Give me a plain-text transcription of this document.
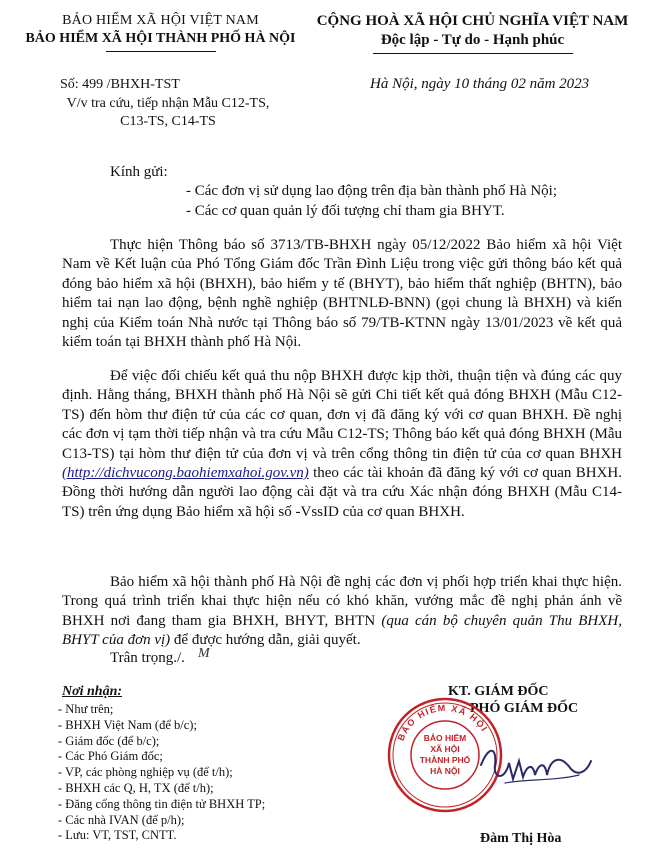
BẢO HIỂM XÃ HỘI VIỆT NAM
BẢO HIỂM XÃ HỘI THÀNH PHỐ HÀ NỘI
CỘNG HOÀ XÃ HỘI CHỦ NGHĨA VIỆT NAM
Độc lập - Tự do - Hạnh phúc
Số: 499 /BHXH-TST
V/v tra cứu, tiếp nhận Mẫu C12-TS,
C13-TS, C14-TS
Hà Nội, ngày 10 tháng 02 năm 2023
Kính gửi:
- Các đơn vị sử dụng lao động trên địa bàn thành phố Hà Nội;
- Các cơ quan quản lý đối tượng chỉ tham gia BHYT.

Thực hiện Thông báo số 3713/TB-BHXH ngày 05/12/2022 Bảo hiểm xã hội Việt Nam về Kết luận của Phó Tổng Giám đốc Trần Đình Liệu trong việc gửi thông báo kết quả đóng bảo hiểm xã hội (BHXH), bảo hiểm y tế (BHYT), bảo hiểm thất nghiệp (BHTN), bảo hiểm tai nạn lao động, bệnh nghề nghiệp (BHTNLĐ-BNN) (gọi chung là BHXH) và kiến nghị của Kiểm toán Nhà nước tại Thông báo số 79/TB-KTNN ngày 13/01/2023 về kết quả kiểm toán tại BHXH thành phố Hà Nội.

Để việc đối chiếu kết quả thu nộp BHXH được kịp thời, thuận tiện và đúng các quy định. Hằng tháng, BHXH thành phố Hà Nội sẽ gửi Chi tiết kết quả đóng BHXH (Mẫu C12-TS) đến hòm thư điện tử của các cơ quan, đơn vị đã đăng ký với cơ quan BHXH. Đề nghị các đơn vị tạm thời tiếp nhận và tra cứu Mẫu C12-TS; Thông báo kết quả đóng BHXH (Mẫu C13-TS) tại hòm thư điện tử của đơn vị và trên cổng thông tin điện tử của cơ quan BHXH (http://dichvucong.baohiemxahoi.gov.vn) theo các tài khoản đã đăng ký với cơ quan BHXH. Đồng thời hướng dẫn người lao động cài đặt và tra cứu Xác nhận đóng BHXH (Mẫu C14-TS) trên ứng dụng Bảo hiểm xã hội số -VssID của cơ quan BHXH.

Bảo hiểm xã hội thành phố Hà Nội đề nghị các đơn vị phối hợp triển khai thực hiện. Trong quá trình triển khai thực hiện nếu có khó khăn, vướng mắc đề nghị phản ánh về BHXH nơi đang tham gia BHXH, BHYT, BHTN (qua cán bộ chuyên quản Thu BHXH, BHYT của đơn vị) để được hướng dẫn, giải quyết.

Trân trọng./. M
Nơi nhận:
- Như trên;
- BHXH Việt Nam (để b/c);
- Giám đốc (để b/c);
- Các Phó Giám đốc;
- VP, các phòng nghiệp vụ (để t/h);
- BHXH các Q, H, TX (để t/h);
- Đăng cổng thông tin điện tử BHXH TP;
- Các nhà IVAN (để p/h);
- Lưu: VT, TST, CNTT.
KT. GIÁM ĐỐC
PHÓ GIÁM ĐỐC
BẢO HIỂM XÃ HỘI
BẢO HIỂM
XÃ HỘI
THÀNH PHỐ
HÀ NỘI
Đàm Thị Hòa
